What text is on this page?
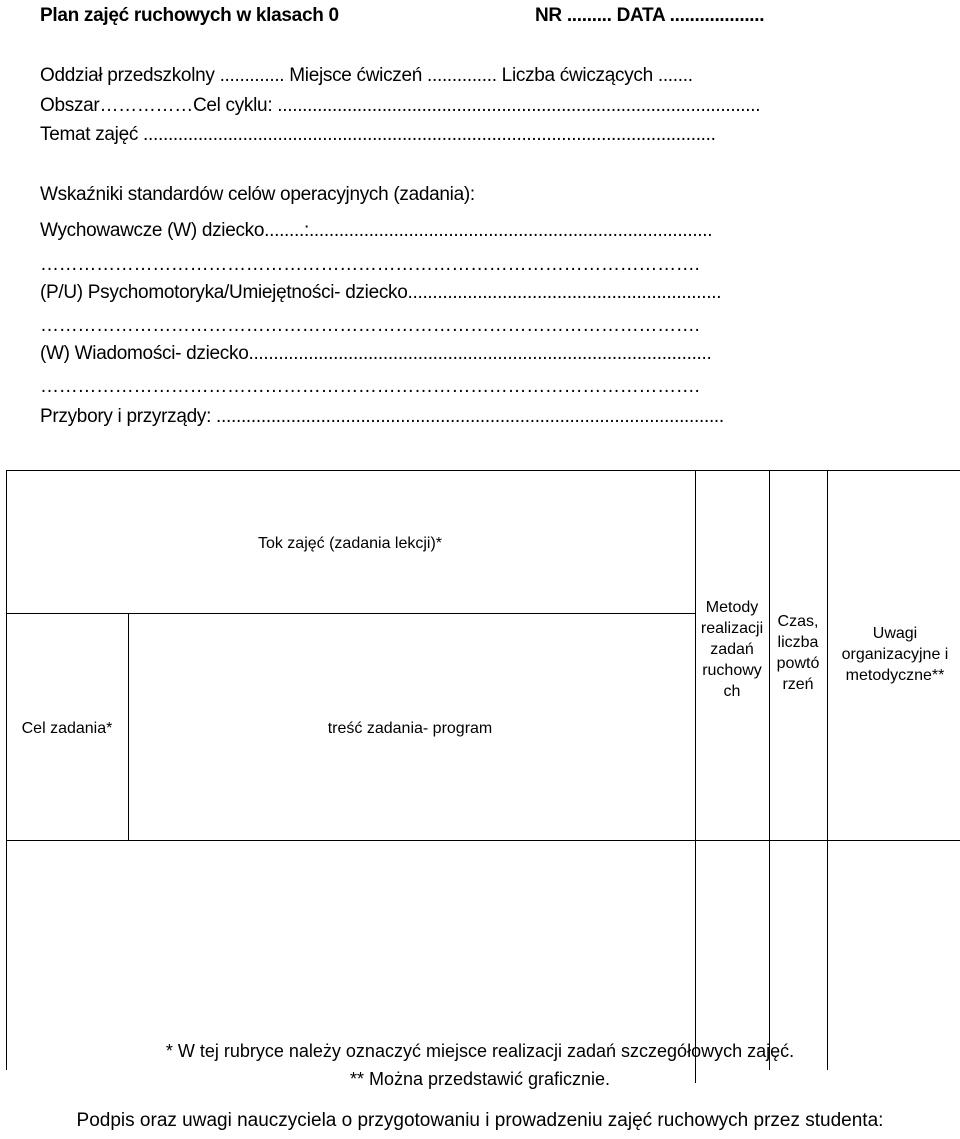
Plan zajęć ruchowych w klasach 0	NR ......... DATA ...................
Oddział przedszkolny ............. Miejsce ćwiczeń .............. Liczba ćwiczących .......
Obszar……………Cel cyklu: .................................................................................................
Temat zajęć ...................................................................................................................
Wskaźniki standardów celów operacyjnych (zadania):
Wychowawcze (W) dziecko........:.................................................................................
…………………………………………………………………………………………….
(P/U) Psychomotoryka/Umiejętności- dziecko...............................................................
…………………………………………………………………………………………….
(W) Wiadomości- dziecko.............................................................................................
…………………………………………………………………………………………….
Przybory i przyrządy: ......................................................................................................
Tok zajęć (zadania lekcji)*
Cel zadania*	treść zadania- program
Metody realizacji zadań ruchowy ch
Czas, liczba powtó rzeń
Uwagi organizacyjne i metodyczne**
* W tej rubryce należy oznaczyć miejsce realizacji zadań szczegółowych zajęć.
** Można przedstawić graficznie.
Podpis oraz uwagi nauczyciela o przygotowaniu i prowadzeniu zajęć ruchowych przez studenta:
